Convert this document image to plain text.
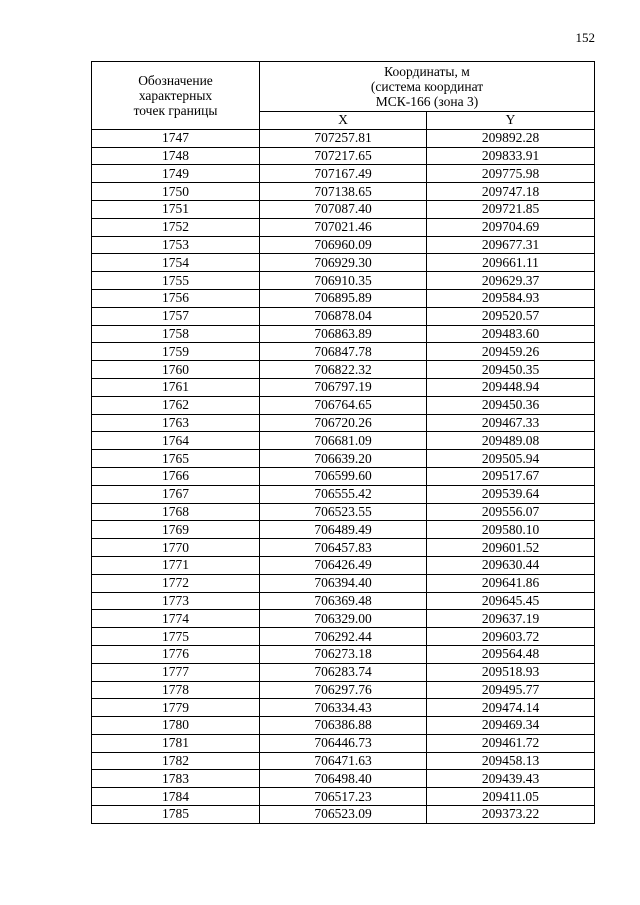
152
Обозначение
характерных
точек границы	Координаты, м
(система координат
МСК-166 (зона 3)	

	X	Y
1747	707257.81	209892.28
1748	707217.65	209833.91
1749	707167.49	209775.98
1750	707138.65	209747.18
1751	707087.40	209721.85
1752	707021.46	209704.69
1753	706960.09	209677.31
1754	706929.30	209661.11
1755	706910.35	209629.37
1756	706895.89	209584.93
1757	706878.04	209520.57
1758	706863.89	209483.60
1759	706847.78	209459.26
1760	706822.32	209450.35
1761	706797.19	209448.94
1762	706764.65	209450.36
1763	706720.26	209467.33
1764	706681.09	209489.08
1765	706639.20	209505.94
1766	706599.60	209517.67
1767	706555.42	209539.64
1768	706523.55	209556.07
1769	706489.49	209580.10
1770	706457.83	209601.52
1771	706426.49	209630.44
1772	706394.40	209641.86
1773	706369.48	209645.45
1774	706329.00	209637.19
1775	706292.44	209603.72
1776	706273.18	209564.48
1777	706283.74	209518.93
1778	706297.76	209495.77
1779	706334.43	209474.14
1780	706386.88	209469.34
1781	706446.73	209461.72
1782	706471.63	209458.13
1783	706498.40	209439.43
1784	706517.23	209411.05
1785	706523.09	209373.22
